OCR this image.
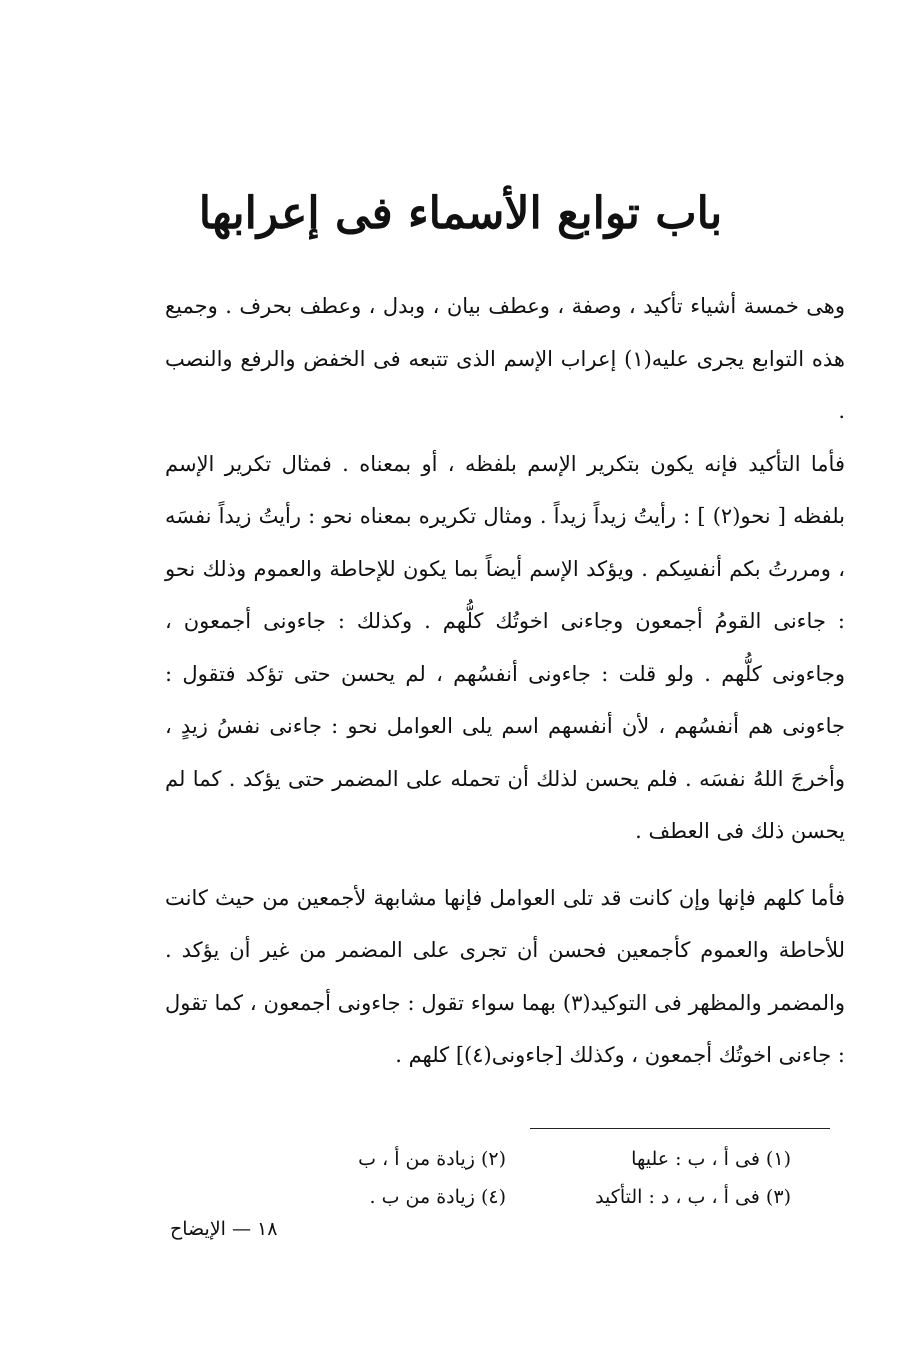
باب توابع الأسماء فى إعرابها

وهى خمسة أشياء تأكيد ، وصفة ، وعطف بيان ، وبدل ، وعطف بحرف . وجميع هذه التوابع يجرى عليه(١) إعراب الإسم الذى تتبعه فى الخفض والرفع والنصب .

فأما التأكيد فإنه يكون بتكرير الإسم بلفظه ، أو بمعناه . فمثال تكرير الإسم بلفظه [ نحو(٢) ] : رأيتُ زيداً زيداً . ومثال تكريره بمعناه نحو : رأيتُ زيداً نفسَه ، ومررتُ بكم أنفسِكم . ويؤكد الإسم أيضاً بما يكون للإحاطة والعموم وذلك نحو : جاءنى القومُ أجمعون وجاءنى اخوتُك كلُّهم . وكذلك : جاءونى أجمعون ، وجاءونى كلُّهم . ولو قلت : جاءونى أنفسُهم ، لم يحسن حتى تؤكد فتقول : جاءونى هم أنفسُهم ، لأن أنفسهم اسم يلى العوامل نحو : جاءنى نفسُ زيدٍ ، وأخرجَ اللهُ نفسَه . فلم يحسن لذلك أن تحمله على المضمر حتى يؤكد . كما لم يحسن ذلك فى العطف .

فأما كلهم فإنها وإن كانت قد تلى العوامل فإنها مشابهة لأجمعين من حيث كانت للأحاطة والعموم كأجمعين فحسن أن تجرى على المضمر من غير أن يؤكد . والمضمر والمظهر فى التوكيد(٣) بهما سواء تقول : جاءونى أجمعون ، كما تقول : جاءنى اخوتُك أجمعون ، وكذلك [جاءونى(٤)] كلهم .

(١) فى أ ، ب : عليها
(٢) زيادة من أ ، ب
(٣) فى أ ، ب ، د : التأكيد
(٤) زيادة من ب .
١٨ — الإيضاح
